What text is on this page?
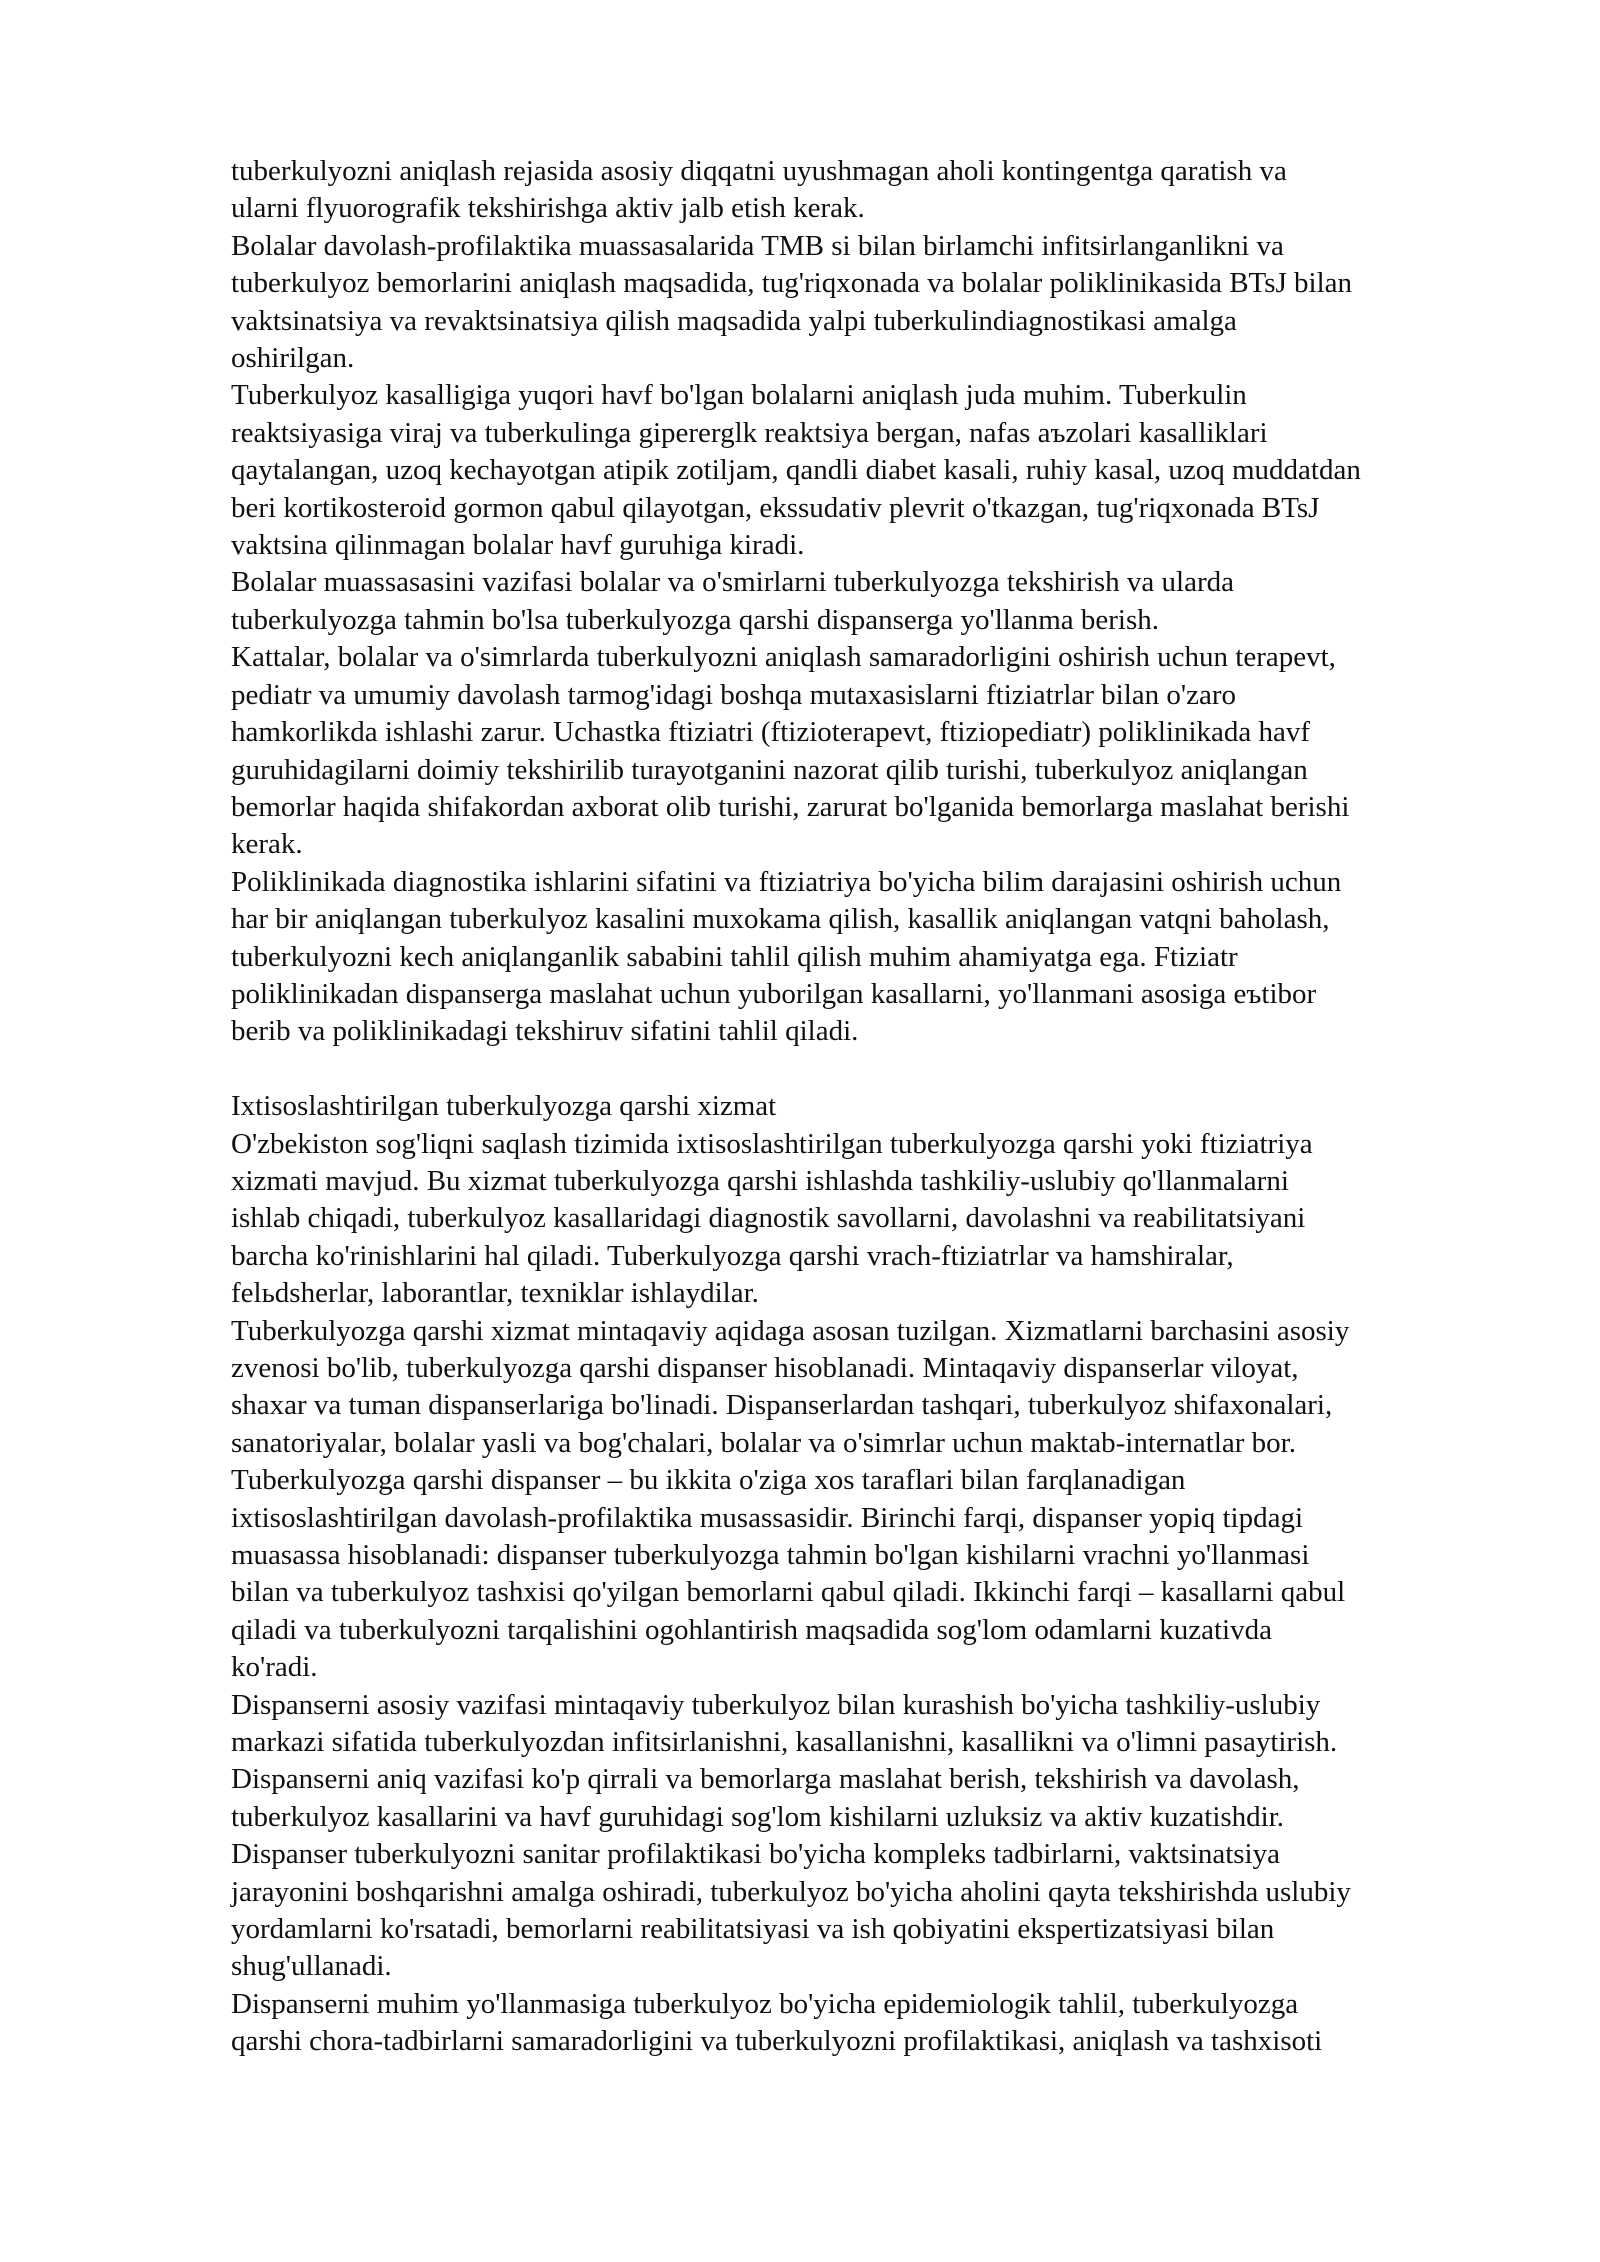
tuberkulyozni aniqlash rejasida asosiy diqqatni uyushmagan aholi kontingentga qaratish va
ularni flyuorografik tekshirishga aktiv jalb etish kerak.
Bolalar davolash-profilaktika muassasalarida TMB si bilan birlamchi infitsirlanganlikni va
tuberkulyoz bemorlarini aniqlash maqsadida, tug'riqxonada va bolalar poliklinikasida BTsJ bilan
vaktsinatsiya va revaktsinatsiya qilish maqsadida yalpi tuberkulindiagnostikasi amalga
oshirilgan.
Tuberkulyoz kasalligiga yuqori havf bo'lgan bolalarni aniqlash juda muhim. Tuberkulin
reaktsiyasiga viraj va tuberkulinga gipererglk reaktsiya bergan, nafas aъzolari kasalliklari
qaytalangan, uzoq kechayotgan atipik zotiljam, qandli diabet kasali, ruhiy kasal, uzoq muddatdan
beri kortikosteroid gormon qabul qilayotgan, ekssudativ plevrit o'tkazgan, tug'riqxonada BTsJ
vaktsina qilinmagan bolalar havf guruhiga kiradi.
Bolalar muassasasini vazifasi bolalar va o'smirlarni tuberkulyozga tekshirish va ularda
tuberkulyozga tahmin bo'lsa tuberkulyozga qarshi dispanserga yo'llanma berish.
Kattalar, bolalar va o'simrlarda tuberkulyozni aniqlash samaradorligini oshirish uchun terapevt,
pediatr va umumiy davolash tarmog'idagi boshqa mutaxasislarni ftiziatrlar bilan o'zaro
hamkorlikda ishlashi zarur. Uchastka ftiziatri (ftizioterapevt, ftiziopediatr) poliklinikada havf
guruhidagilarni doimiy tekshirilib turayotganini nazorat qilib turishi, tuberkulyoz aniqlangan
bemorlar haqida shifakordan axborat olib turishi, zarurat bo'lganida bemorlarga maslahat berishi
kerak.
Poliklinikada diagnostika ishlarini sifatini va ftiziatriya bo'yicha bilim darajasini oshirish uchun
har bir aniqlangan tuberkulyoz kasalini muxokama qilish, kasallik aniqlangan vatqni baholash,
tuberkulyozni kech aniqlanganlik sababini tahlil qilish muhim ahamiyatga ega. Ftiziatr
poliklinikadan dispanserga maslahat uchun yuborilgan kasallarni, yo'llanmani asosiga eъtibor
berib va poliklinikadagi tekshiruv sifatini tahlil qiladi.
Ixtisoslashtirilgan tuberkulyozga qarshi xizmat
O'zbekiston sog'liqni saqlash tizimida ixtisoslashtirilgan tuberkulyozga qarshi yoki ftiziatriya
xizmati mavjud. Bu xizmat tuberkulyozga qarshi ishlashda tashkiliy-uslubiy qo'llanmalarni
ishlab chiqadi, tuberkulyoz kasallaridagi diagnostik savollarni, davolashni va reabilitatsiyani
barcha ko'rinishlarini hal qiladi. Tuberkulyozga qarshi vrach-ftiziatrlar va hamshiralar,
felьdsherlar, laborantlar, texniklar ishlaydilar.
Tuberkulyozga qarshi xizmat mintaqaviy aqidaga asosan tuzilgan. Xizmatlarni barchasini asosiy
zvenosi bo'lib, tuberkulyozga qarshi dispanser hisoblanadi. Mintaqaviy dispanserlar viloyat,
shaxar va tuman dispanserlariga bo'linadi. Dispanserlardan tashqari, tuberkulyoz shifaxonalari,
sanatoriyalar, bolalar yasli va bog'chalari, bolalar va o'simrlar uchun maktab-internatlar bor.
Tuberkulyozga qarshi dispanser – bu ikkita o'ziga xos taraflari bilan farqlanadigan
ixtisoslashtirilgan davolash-profilaktika musassasidir. Birinchi farqi, dispanser yopiq tipdagi
muasassa hisoblanadi: dispanser tuberkulyozga tahmin bo'lgan kishilarni vrachni yo'llanmasi
bilan va tuberkulyoz tashxisi qo'yilgan bemorlarni qabul qiladi. Ikkinchi farqi – kasallarni qabul
qiladi va tuberkulyozni tarqalishini ogohlantirish maqsadida sog'lom odamlarni kuzativda
ko'radi.
Dispanserni asosiy vazifasi mintaqaviy tuberkulyoz bilan kurashish bo'yicha tashkiliy-uslubiy
markazi sifatida tuberkulyozdan infitsirlanishni, kasallanishni, kasallikni va o'limni pasaytirish.
Dispanserni aniq vazifasi ko'p qirrali va bemorlarga maslahat berish, tekshirish va davolash,
tuberkulyoz kasallarini va havf guruhidagi sog'lom kishilarni uzluksiz va aktiv kuzatishdir.
Dispanser tuberkulyozni sanitar profilaktikasi bo'yicha kompleks tadbirlarni, vaktsinatsiya
jarayonini boshqarishni amalga oshiradi, tuberkulyoz bo'yicha aholini qayta tekshirishda uslubiy
yordamlarni ko'rsatadi, bemorlarni reabilitatsiyasi va ish qobiyatini ekspertizatsiyasi bilan
shug'ullanadi.
Dispanserni muhim yo'llanmasiga tuberkulyoz bo'yicha epidemiologik tahlil, tuberkulyozga
qarshi chora-tadbirlarni samaradorligini va tuberkulyozni profilaktikasi, aniqlash va tashxisoti
